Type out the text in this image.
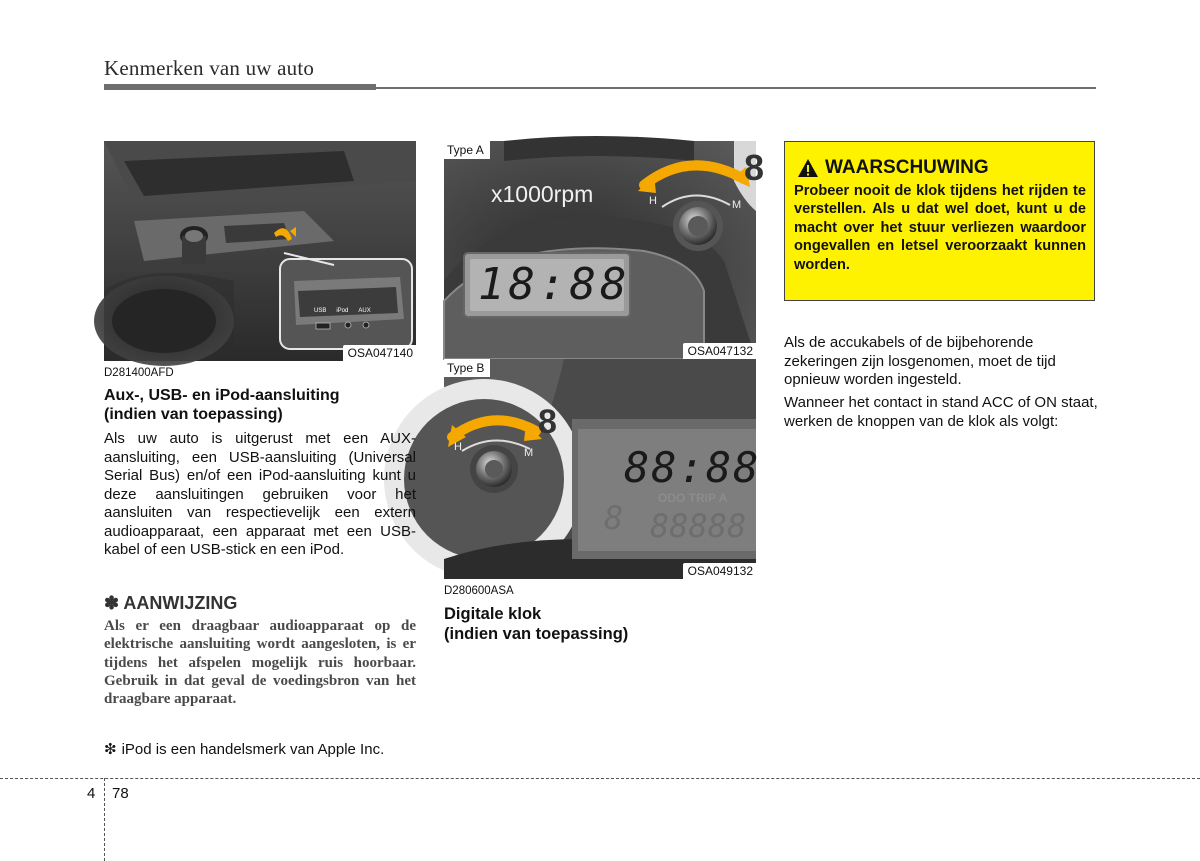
Kenmerken van uw auto
USB iPod AUX
OSA047140
x1000rpm
8
H	M
18:88
Type A
OSA047132
8
H	M 88:88
ODO TRIP A
8 88888
Type B
OSA049132
D281400AFD
Aux-, USB- en iPod-aansluiting
(indien van toepassing)
Als uw auto is uitgerust met een AUX-aansluiting, een USB-aansluiting (Universal Serial Bus) en/of een iPod-aansluiting kunt u deze aansluitingen gebruiken voor het aansluiten van respectievelijk een extern audioapparaat, een apparaat met een USB-kabel of een USB-stick en een iPod.
✽ AANWIJZING
Als er een draagbaar audioapparaat op de elektrische aansluiting wordt aangesloten, is er tijdens het afspelen mogelijk ruis hoorbaar. Gebruik in dat geval de voedingsbron van het draagbare apparaat.
❇ iPod is een handelsmerk van Apple Inc.
D280600ASA
Digitale klok
(indien van toepassing)
WAARSCHUWING
Probeer nooit de klok tijdens het rijden te verstellen. Als u dat wel doet, kunt u de macht over het stuur verliezen waardoor ongevallen en letsel veroorzaakt kunnen worden.
Als de accukabels of de bijbehorende zekeringen zijn losgenomen, moet de tijd opnieuw worden ingesteld.
Wanneer het contact in stand ACC of ON staat, werken de knoppen van de klok als volgt:
4 78
